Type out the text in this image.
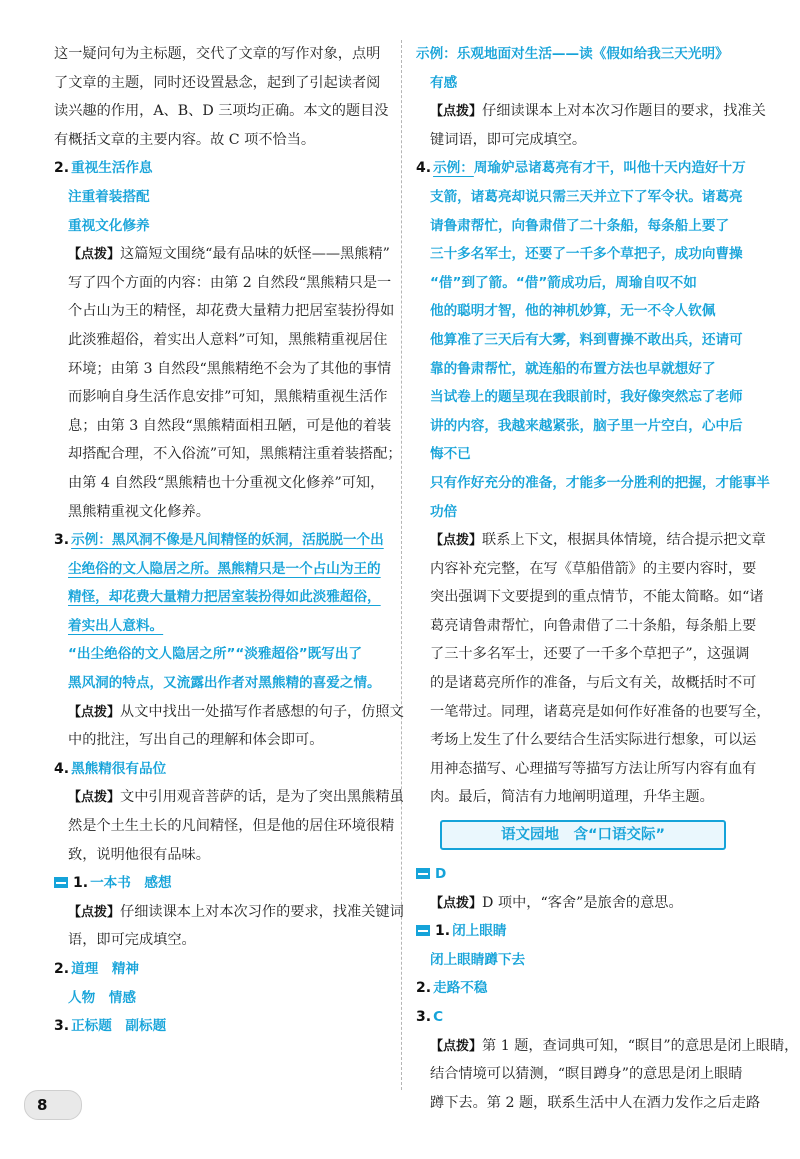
这一疑问句为主标题，交代了文章的写作对象，点明
了文章的主题，同时还设置悬念，起到了引起读者阅
读兴趣的作用，A、B、D 三项均正确。本文的题目没
有概括文章的主要内容。故 C 项不恰当。
2. 重视生活作息
注重着装搭配
重视文化修养
【点拨】这篇短文围绕“最有品味的妖怪——黑熊精”
写了四个方面的内容：由第 2 自然段“黑熊精只是一
个占山为王的精怪，却花费大量精力把居室装扮得如
此淡雅超俗，着实出人意料”可知，黑熊精重视居住
环境；由第 3 自然段“黑熊精绝不会为了其他的事情
而影响自身生活作息安排”可知，黑熊精重视生活作
息；由第 3 自然段“黑熊精面相丑陋，可是他的着装
却搭配合理，不入俗流”可知，黑熊精注重着装搭配；
由第 4 自然段“黑熊精也十分重视文化修养”可知，
黑熊精重视文化修养。
3. 示例：黑风洞不像是凡间精怪的妖洞，活脱脱一个出
尘绝俗的文人隐居之所。黑熊精只是一个占山为王的
精怪，却花费大量精力把居室装扮得如此淡雅超俗，
着实出人意料。
“出尘绝俗的文人隐居之所”“淡雅超俗”既写出了
黑风洞的特点，又流露出作者对黑熊精的喜爱之情。
【点拨】从文中找出一处描写作者感想的句子，仿照文
中的批注，写出自己的理解和体会即可。
4. 黑熊精很有品位
【点拨】文中引用观音菩萨的话，是为了突出黑熊精虽
然是个土生土长的凡间精怪，但是他的居住环境很精
致，说明他很有品味。
1. 一本书　感想
【点拨】仔细读课本上对本次习作的要求，找准关键词
语，即可完成填空。
2. 道理　精神
人物　情感
3. 正标题　副标题
示例：乐观地面对生活——读《假如给我三天光明》
有感
【点拨】仔细读课本上对本次习作题目的要求，找准关
键词语，即可完成填空。
4. 示例：周瑜妒忌诸葛亮有才干，叫他十天内造好十万
支箭，诸葛亮却说只需三天并立下了军令状。诸葛亮
请鲁肃帮忙，向鲁肃借了二十条船，每条船上要了
三十多名军士，还要了一千多个草把子，成功向曹操
“借”到了箭。“借”箭成功后，周瑜自叹不如
他的聪明才智，他的神机妙算，无一不令人钦佩
他算准了三天后有大雾，料到曹操不敢出兵，还请可
靠的鲁肃帮忙，就连船的布置方法也早就想好了
当试卷上的题呈现在我眼前时，我好像突然忘了老师
讲的内容，我越来越紧张，脑子里一片空白，心中后
悔不已
只有作好充分的准备，才能多一分胜利的把握，才能事半
功倍
【点拨】联系上下文，根据具体情境，结合提示把文章
内容补充完整，在写《草船借箭》的主要内容时，要
突出强调下文要提到的重点情节，不能太简略。如“诸
葛亮请鲁肃帮忙，向鲁肃借了二十条船，每条船上要
了三十多名军士，还要了一千多个草把子”，这强调
的是诸葛亮所作的准备，与后文有关，故概括时不可
一笔带过。同理，诸葛亮是如何作好准备的也要写全，
考场上发生了什么要结合生活实际进行想象，可以运
用神态描写、心理描写等描写方法让所写内容有血有
肉。最后，简洁有力地阐明道理，升华主题。
语文园地　含“口语交际”
D
【点拨】D 项中，“客舍”是旅舍的意思。
1. 闭上眼睛
闭上眼睛蹲下去
2. 走路不稳
3. C
【点拨】第 1 题，查词典可知，“瞑目”的意思是闭上眼睛，
结合情境可以猜测，“瞑目蹲身”的意思是闭上眼睛
蹲下去。第 2 题，联系生活中人在酒力发作之后走路
8
